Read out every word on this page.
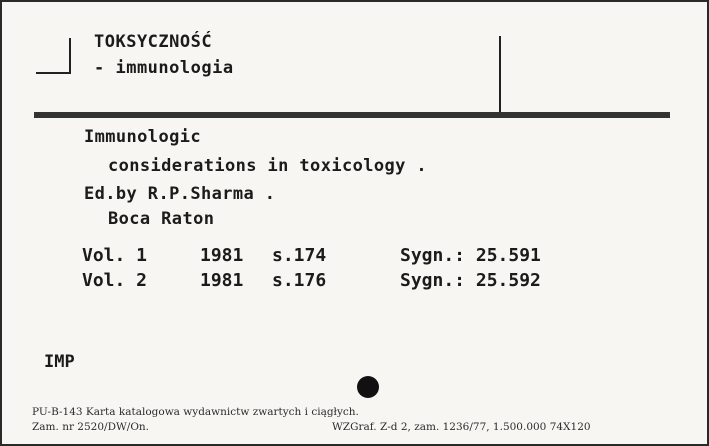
TOKSYCZNOŚĆ
- immunologia
Immunologic
considerations in toxicology .
Ed.by R.P.Sharma .
Boca Raton
Vol. 1	1981 s.174	Sygn.: 25.591
Vol. 2	1981 s.176	Sygn.: 25.592
IMP
PU-B-143 Karta katalogowa wydawnictw zwartych i ciągłych.
Zam. nr 2520/DW/On.	WZGraf. Z-d 2, zam. 1236/77, 1.500.000 74X120
